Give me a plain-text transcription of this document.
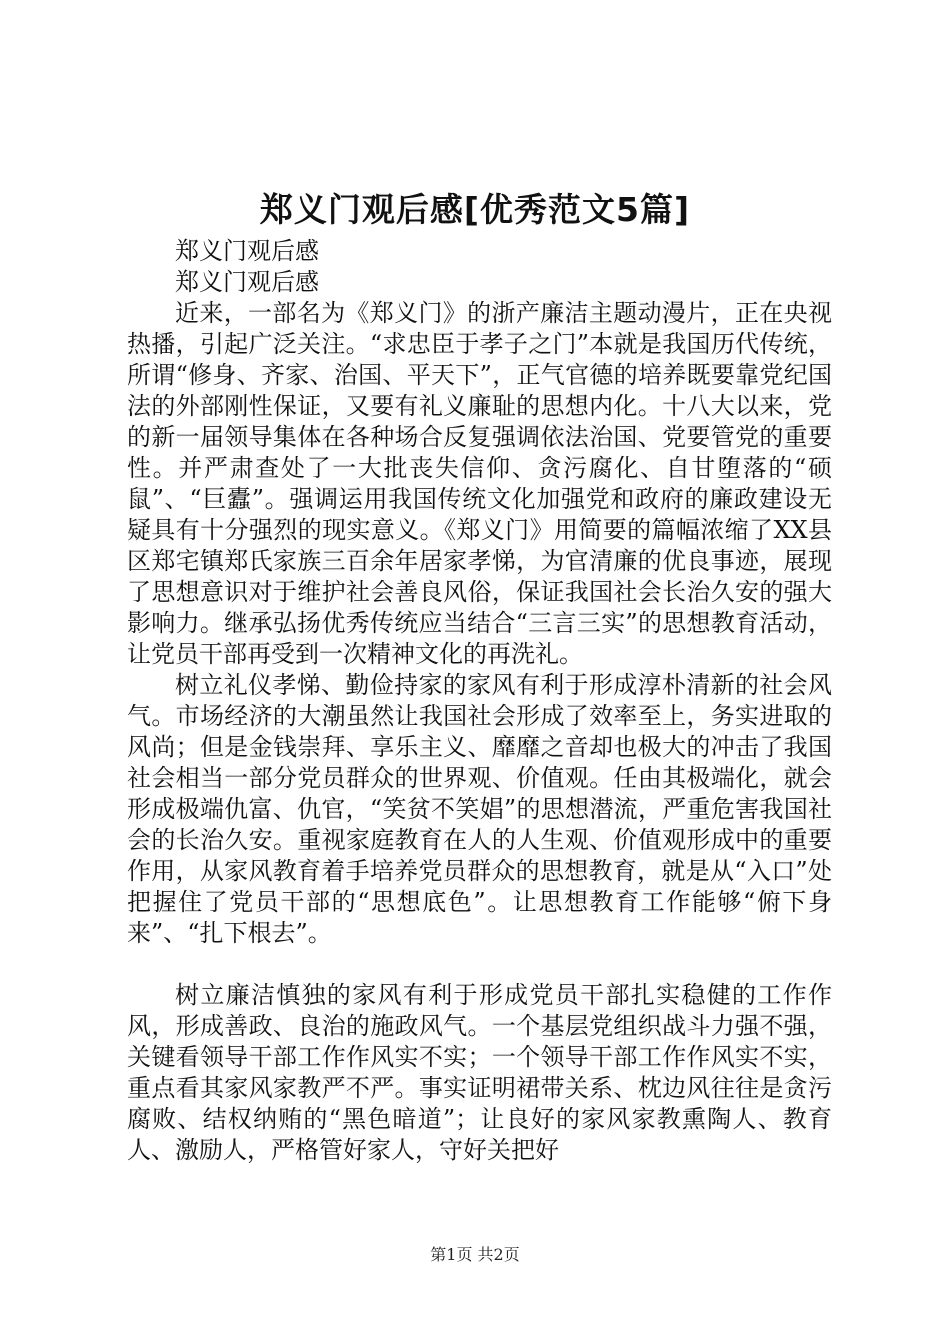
郑义门观后感[优秀范文5篇]

郑义门观后感

郑义门观后感

近来，一部名为《郑义门》的浙产廉洁主题动漫片，正在央视热播，引起广泛关注。“求忠臣于孝子之门”本就是我国历代传统，所谓“修身、齐家、治国、平天下”，正气官德的培养既要靠党纪国法的外部刚性保证，又要有礼义廉耻的思想内化。十八大以来，党的新一届领导集体在各种场合反复强调依法治国、党要管党的重要性。并严肃查处了一大批丧失信仰、贪污腐化、自甘堕落的“硕鼠”、“巨蠹”。强调运用我国传统文化加强党和政府的廉政建设无疑具有十分强烈的现实意义。《郑义门》用简要的篇幅浓缩了XX县区郑宅镇郑氏家族三百余年居家孝悌，为官清廉的优良事迹，展现了思想意识对于维护社会善良风俗，保证我国社会长治久安的强大影响力。继承弘扬优秀传统应当结合“三言三实”的思想教育活动，让党员干部再受到一次精神文化的再洗礼。

树立礼仪孝悌、勤俭持家的家风有利于形成淳朴清新的社会风气。市场经济的大潮虽然让我国社会形成了效率至上，务实进取的风尚；但是金钱崇拜、享乐主义、靡靡之音却也极大的冲击了我国社会相当一部分党员群众的世界观、价值观。任由其极端化，就会形成极端仇富、仇官，“笑贫不笑娼”的思想潜流，严重危害我国社会的长治久安。重视家庭教育在人的人生观、价值观形成中的重要作用，从家风教育着手培养党员群众的思想教育，就是从“入口”处把握住了党员干部的“思想底色”。让思想教育工作能够“俯下身来”、“扎下根去”。

树立廉洁慎独的家风有利于形成党员干部扎实稳健的工作作风，形成善政、良治的施政风气。一个基层党组织战斗力强不强，关键看领导干部工作作风实不实；一个领导干部工作作风实不实，重点看其家风家教严不严。事实证明裙带关系、枕边风往往是贪污腐败、结权纳贿的“黑色暗道”；让良好的家风家教熏陶人、教育人、激励人，严格管好家人，守好关把好

第1页 共2页
